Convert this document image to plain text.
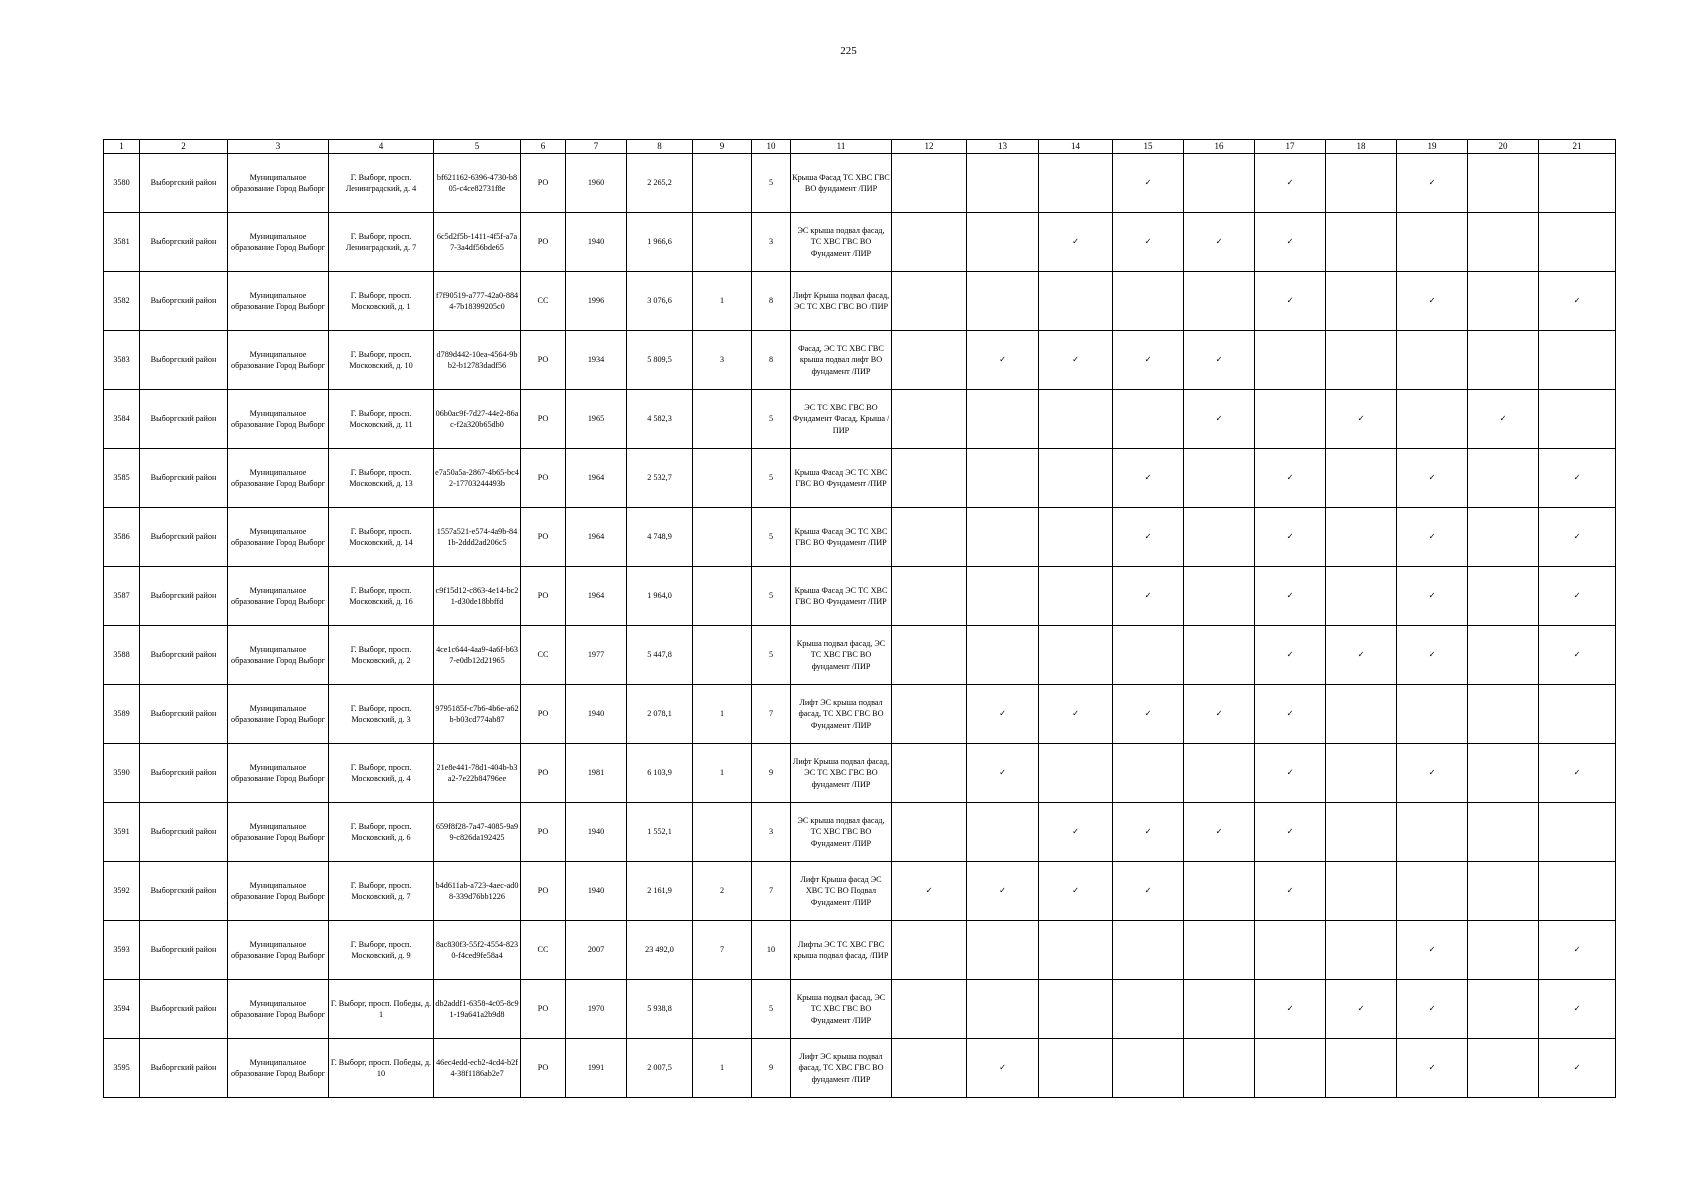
225
1	2	3	4	5	6	7	8	9	10	11	12	13	14	15	16	17	18	19	20	21
3580	Выборгский район	Муниципальное образование Город Выборг	Г. Выборг, просп. Ленинградский, д. 4	bf621162-6396-4730-b805-c4ce82731f8e	РО	1960	2 265,2		5	Крыша Фасад ТС ХВС ГВС ВО фундамент /ПИР				✓		✓		✓		
3581	Выборгский район	Муниципальное образование Город Выборг	Г. Выборг, просп. Ленинградский, д. 7	6c5d2f5b-1411-4f5f-a7a7-3a4df56bde65	РО	1940	1 966,6		3	ЭС крыша подвал фасад, ТС ХВС ГВС ВО Фундамент /ПИР			✓	✓	✓	✓				
3582	Выборгский район	Муниципальное образование Город Выборг	Г. Выборг, просп. Московский, д. 1	f7f90519-a777-42a0-8844-7b18399205c0	СС	1996	3 076,6	1	8	Лифт Крыша подвал фасад, ЭС ТС ХВС ГВС ВО /ПИР						✓		✓		✓
3583	Выборгский район	Муниципальное образование Город Выборг	Г. Выборг, просп. Московский, д. 10	d789d442-10ea-4564-9bb2-b12783dadf56	РО	1934	5 809,5	3	8	Фасад, ЭС ТС ХВС ГВС крыша подвал лифт ВО фундамент /ПИР		✓	✓	✓	✓					
3584	Выборгский район	Муниципальное образование Город Выборг	Г. Выборг, просп. Московский, д. 11	06b0ac9f-7d27-44e2-86ac-f2a320b65db0	РО	1965	4 582,3		5	ЭС ТС ХВС ГВС ВО Фундамент Фасад, Крыша /ПИР					✓		✓		✓	
3585	Выборгский район	Муниципальное образование Город Выборг	Г. Выборг, просп. Московский, д. 13	e7a50a5a-2867-4b65-bc42-17703244493b	РО	1964	2 532,7		5	Крыша Фасад ЭС ТС ХВС ГВС ВО Фундамент /ПИР				✓		✓		✓		✓
3586	Выборгский район	Муниципальное образование Город Выборг	Г. Выборг, просп. Московский, д. 14	1557a521-e574-4a9b-841b-2ddd2ad206c5	РО	1964	4 748,9		5	Крыша Фасад ЭС ТС ХВС ГВС ВО Фундамент /ПИР				✓		✓		✓		✓
3587	Выборгский район	Муниципальное образование Город Выборг	Г. Выборг, просп. Московский, д. 16	c9f15d12-c863-4e14-bc21-d30de18bbffd	РО	1964	1 964,0		5	Крыша Фасад ЭС ТС ХВС ГВС ВО Фундамент /ПИР				✓		✓		✓		✓
3588	Выборгский район	Муниципальное образование Город Выборг	Г. Выборг, просп. Московский, д. 2	4ce1c644-4aa9-4a6f-b637-e0db12d21965	СС	1977	5 447,8		5	Крыша подвал фасад, ЭС ТС ХВС ГВС ВО фундамент /ПИР						✓	✓	✓		✓
3589	Выборгский район	Муниципальное образование Город Выборг	Г. Выборг, просп. Московский, д. 3	9795185f-c7b6-4b6e-a62b-b03cd774ab87	РО	1940	2 078,1	1	7	Лифт ЭС крыша подвал фасад, ТС ХВС ГВС ВО Фундамент /ПИР		✓	✓	✓	✓	✓				
3590	Выборгский район	Муниципальное образование Город Выборг	Г. Выборг, просп. Московский, д. 4	21e8e441-78d1-404b-b3a2-7e22b84796ee	РО	1981	6 103,9	1	9	Лифт Крыша подвал фасад, ЭС ТС ХВС ГВС ВО фундамент /ПИР		✓				✓		✓		✓
3591	Выборгский район	Муниципальное образование Город Выборг	Г. Выборг, просп. Московский, д. 6	659f8f28-7a47-4085-9a99-c826da192425	РО	1940	1 552,1		3	ЭС крыша подвал фасад, ТС ХВС ГВС ВО Фундамент /ПИР			✓	✓	✓	✓				
3592	Выборгский район	Муниципальное образование Город Выборг	Г. Выборг, просп. Московский, д. 7	b4d611ab-a723-4aec-ad08-339d76bb1226	РО	1940	2 161,9	2	7	Лифт Крыша фасад ЭС ХВС ТС ВО Подвал Фундамент /ПИР	✓	✓	✓	✓		✓				
3593	Выборгский район	Муниципальное образование Город Выборг	Г. Выборг, просп. Московский, д. 9	8ac830f3-55f2-4554-8230-f4ced9fe58a4	СС	2007	23 492,0	7	10	Лифты ЭС ТС ХВС ГВС крыша подвал фасад, /ПИР								✓		✓
3594	Выборгский район	Муниципальное образование Город Выборг	Г. Выборг, просп. Победы, д. 1	db2addf1-6358-4c05-8c91-19a641a2b9d8	РО	1970	5 938,8		5	Крыша подвал фасад, ЭС ТС ХВС ГВС ВО Фундамент /ПИР						✓	✓	✓		✓
3595	Выборгский район	Муниципальное образование Город Выборг	Г. Выборг, просп. Победы, д. 10	46ec4edd-ecb2-4cd4-b2f4-38f1186ab2e7	РО	1991	2 007,5	1	9	Лифт ЭС крыша подвал фасад, ТС ХВС ГВС ВО фундамент /ПИР		✓						✓		✓
